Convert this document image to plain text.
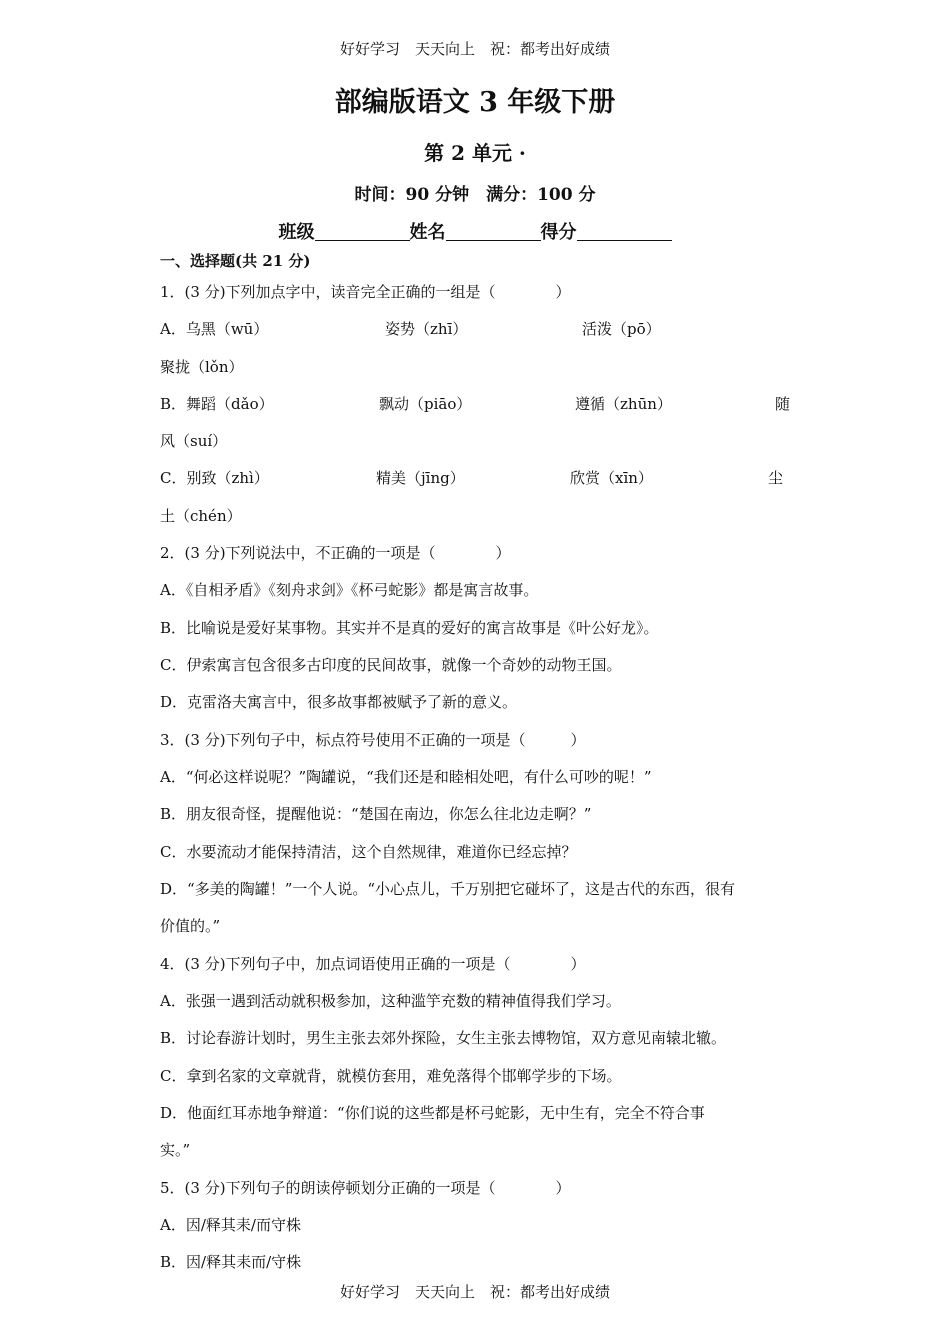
好好学习　天天向上　祝：都考出好成绩
部编版语文 3 年级下册
第 2 单元 ·
时间：90 分钟　满分：100 分
班级	姓名	得分
一、选择题(共 21 分)
1．(3 分)下列加点字中，读音完全正确的一组是（　　　　）
A．乌黑（wū）	姿势（zhī）	活泼（pō）
聚拢（lǒn）
B．舞蹈（dǎo）	飘动（piāo）	遵循（zhūn）	随
风（suí）
C．别致（zhì）	精美（jīng）	欣赏（xīn）	尘
土（chén）
2．(3 分)下列说法中，不正确的一项是（　　　　）
A．《自相矛盾》《刻舟求剑》《杯弓蛇影》都是寓言故事。
B．比喻说是爱好某事物。其实并不是真的爱好的寓言故事是《叶公好龙》。
C．伊索寓言包含很多古印度的民间故事，就像一个奇妙的动物王国。
D．克雷洛夫寓言中，很多故事都被赋予了新的意义。
3．(3 分)下列句子中，标点符号使用不正确的一项是（　　　）
A．“何必这样说呢？”陶罐说，“我们还是和睦相处吧，有什么可吵的呢！”
B．朋友很奇怪，提醒他说：“楚国在南边，你怎么往北边走啊？”
C．水要流动才能保持清洁，这个自然规律，难道你已经忘掉？
D．“多美的陶罐！”一个人说。“小心点儿，千万别把它碰坏了，这是古代的东西，很有
价值的。”
4．(3 分)下列句子中，加点词语使用正确的一项是（　　　　）
A．张强一遇到活动就积极参加，这种滥竽充数的精神值得我们学习。
B．讨论春游计划时，男生主张去郊外探险，女生主张去博物馆，双方意见南辕北辙。
C．拿到名家的文章就背，就模仿套用，难免落得个邯郸学步的下场。
D．他面红耳赤地争辩道：“你们说的这些都是杯弓蛇影，无中生有，完全不符合事
实。”
5．(3 分)下列句子的朗读停顿划分正确的一项是（　　　　）
A．因/释其耒/而守株
B．因/释其耒而/守株
好好学习　天天向上　祝：都考出好成绩
